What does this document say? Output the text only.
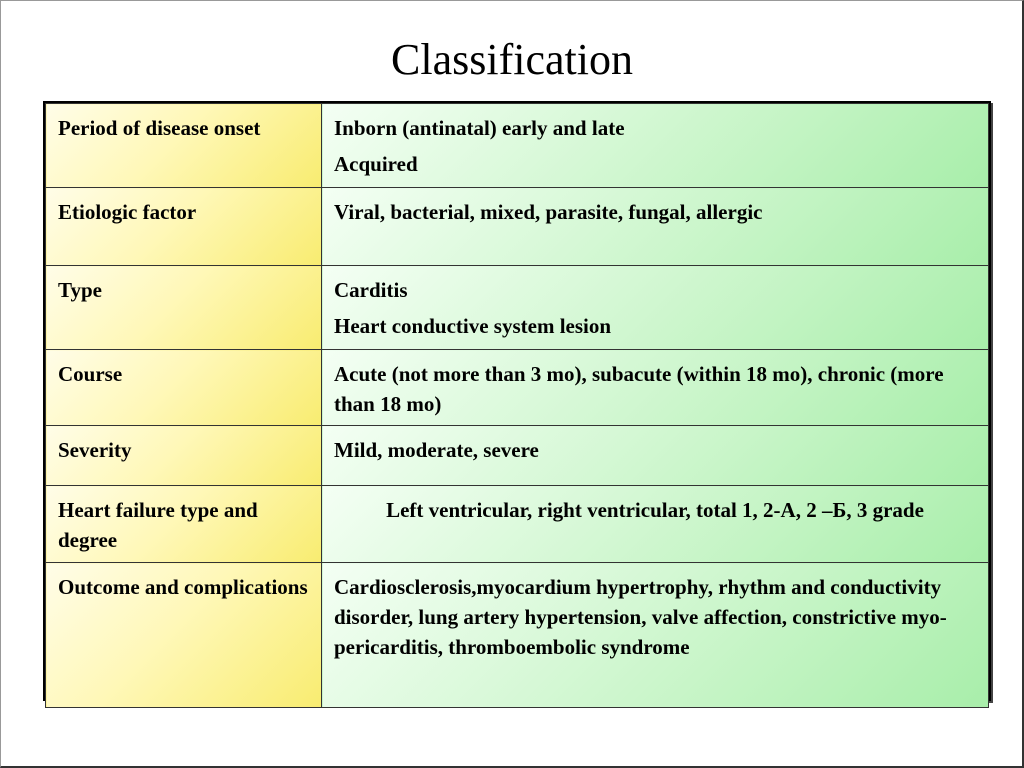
Classification
Period of disease onset	Inborn (antinatal) early and late
Acquired

Etiologic factor	Viral, bacterial, mixed, parasite, fungal, allergic

Type	Carditis
Heart conductive system lesion

Course	Acute (not more than 3 mo), subacute (within 18 mo), chronic (more than 18 mo)

Severity	Mild, moderate, severe

Heart failure type and degree	Left ventricular, right ventricular, total 1, 2-A, 2 –Б, 3 grade

Outcome and complications	Cardiosclerosis,myocardium hypertrophy, rhythm and conductivity disorder, lung artery hypertension, valve affection, constrictive myo-pericarditis, thromboembolic syndrome
